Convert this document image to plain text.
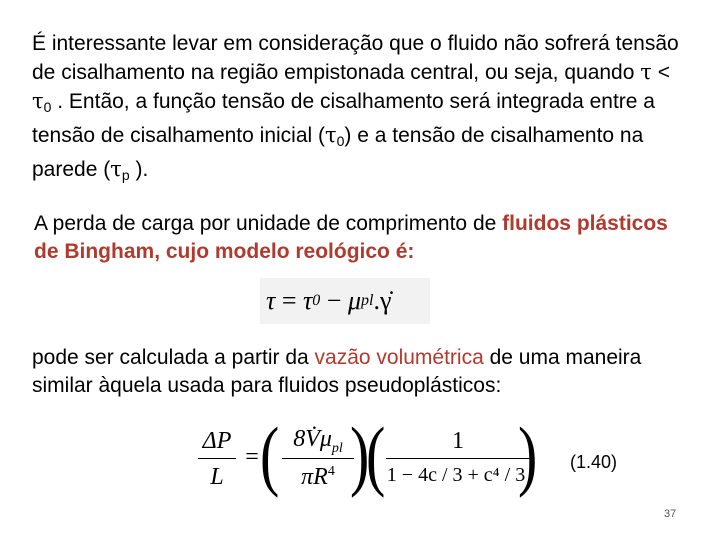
É interessante levar em consideração que o fluido não sofrerá tensão de cisalhamento na região empistonada central, ou seja, quando $\tau < \tau_0$ . Então, a função tensão de cisalhamento será integrada entre a tensão de cisalhamento inicial $(\tau_0)$ e a tensão de cisalhamento na parede ($\tau_p$ ).
A perda de carga por unidade de comprimento de fluidos plásticos de Bingham, cujo modelo reológico é:
τ = τ 0 − μ pl .γ̇
pode ser calculada a partir da vazão volumétrica de uma maneira similar àquela usada para fluidos pseudoplásticos:
ΔP
L
= ( $8V̇\mu_{pl}$
$\pi R^4$ )
(	1
1 − 4c / 3 + c⁴ / 3
) (1.40)
37
